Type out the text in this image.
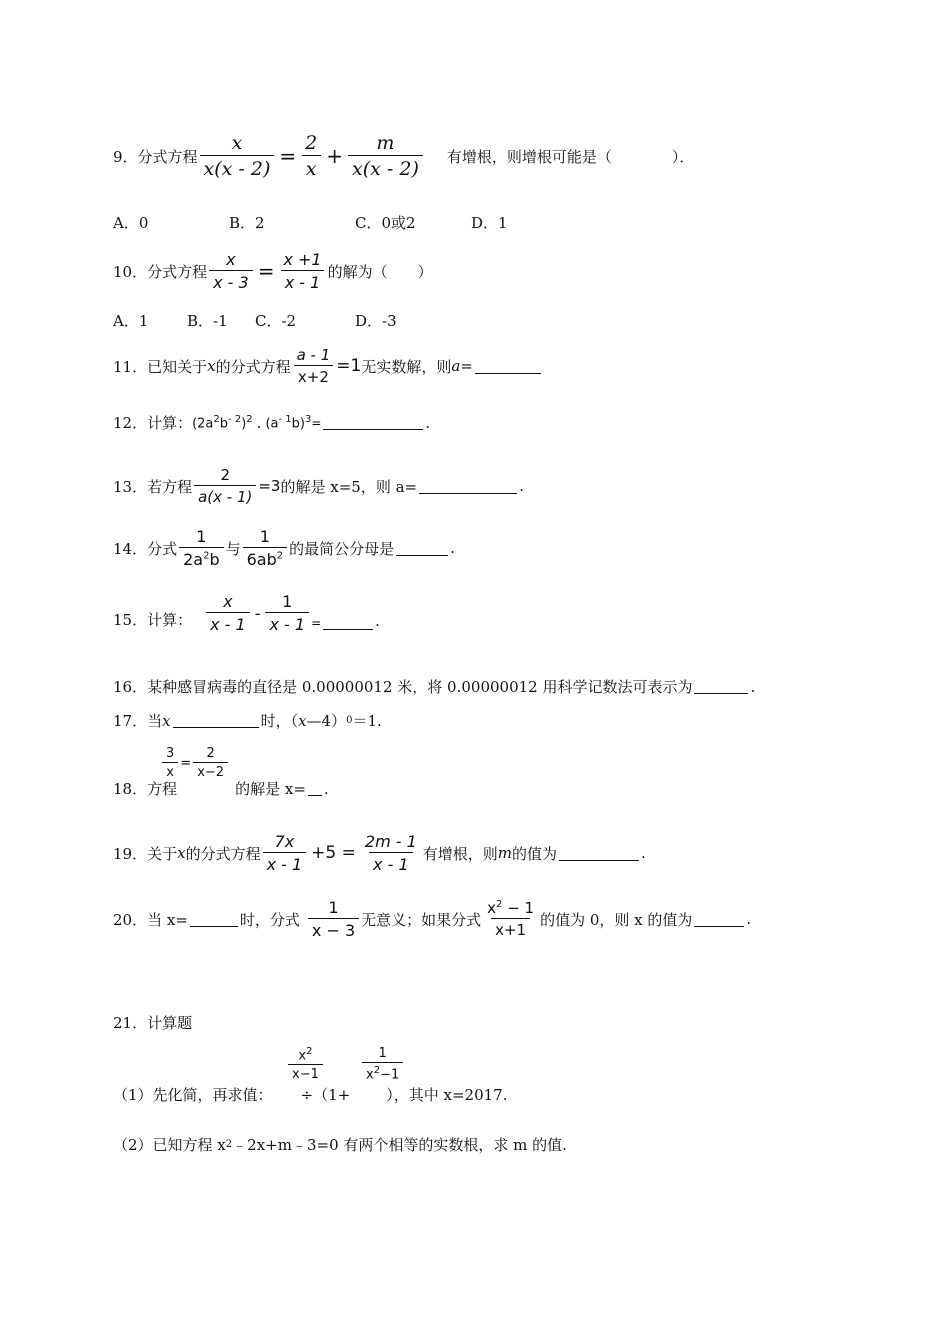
9．分式方程 $\frac{x}{x(x - 2)} = \frac{2}{x} + \frac{m}{x(x - 2)}$ 有增根，则增根可能是（　　　　）．
A．0	B．2	C．0或2	D．1
10．分式方程 $\frac{x}{x - 3} = \frac{x +1}{x - 1}$ 的解为（　　）
A．1	B．-1	C．-2	D．-3
11．已知关于 x 的分式方程 $\frac{a - 1}{x+2} =1$ 无实数解，则 a =
12．计算： $(2a^2b^{- 2})^2$ . $(a^{- 1}b)^3$ =	.
13．若方程 $\frac{2}{a(x - 1)} =3$ 的解是 x=5，则 a=	.
14．分式 $\frac{1}{2a^2b}$ 与 $\frac{1}{6ab^2}$ 的最简公分母是	.
15．计算： $\frac{x}{x - 1} - \frac{1}{x - 1}$ =	.
16．某种感冒病毒的直径是 0.00000012 米，将 0.00000012 用科学记数法可表示为	.
17．当 x	时，（ x —4） 0 ＝1.
$\frac{3}{x} = \frac{2}{x-2}$
18．方程	的解是 x= .
19．关于 x 的分式方程 $\frac{7x}{x - 1} +5 = \frac{2m - 1}{x - 1}$ 有增根，则 m 的值为	.
20．当 x=	时，分式 $\frac{1}{x - 3}$ 无意义；如果分式 $\frac{x^2 - 1}{x+1}$ 的值为 0，则 x 的值为	.
21．计算题
$\frac{x^2}{x-1}$	$\frac{1}{x^2-1}$
（1）先化简，再求值： ÷（1+ ），其中 x=2017.
（2）已知方程 x 2 ﹣2x+m﹣3=0 有两个相等的实数根，求 m 的值.
